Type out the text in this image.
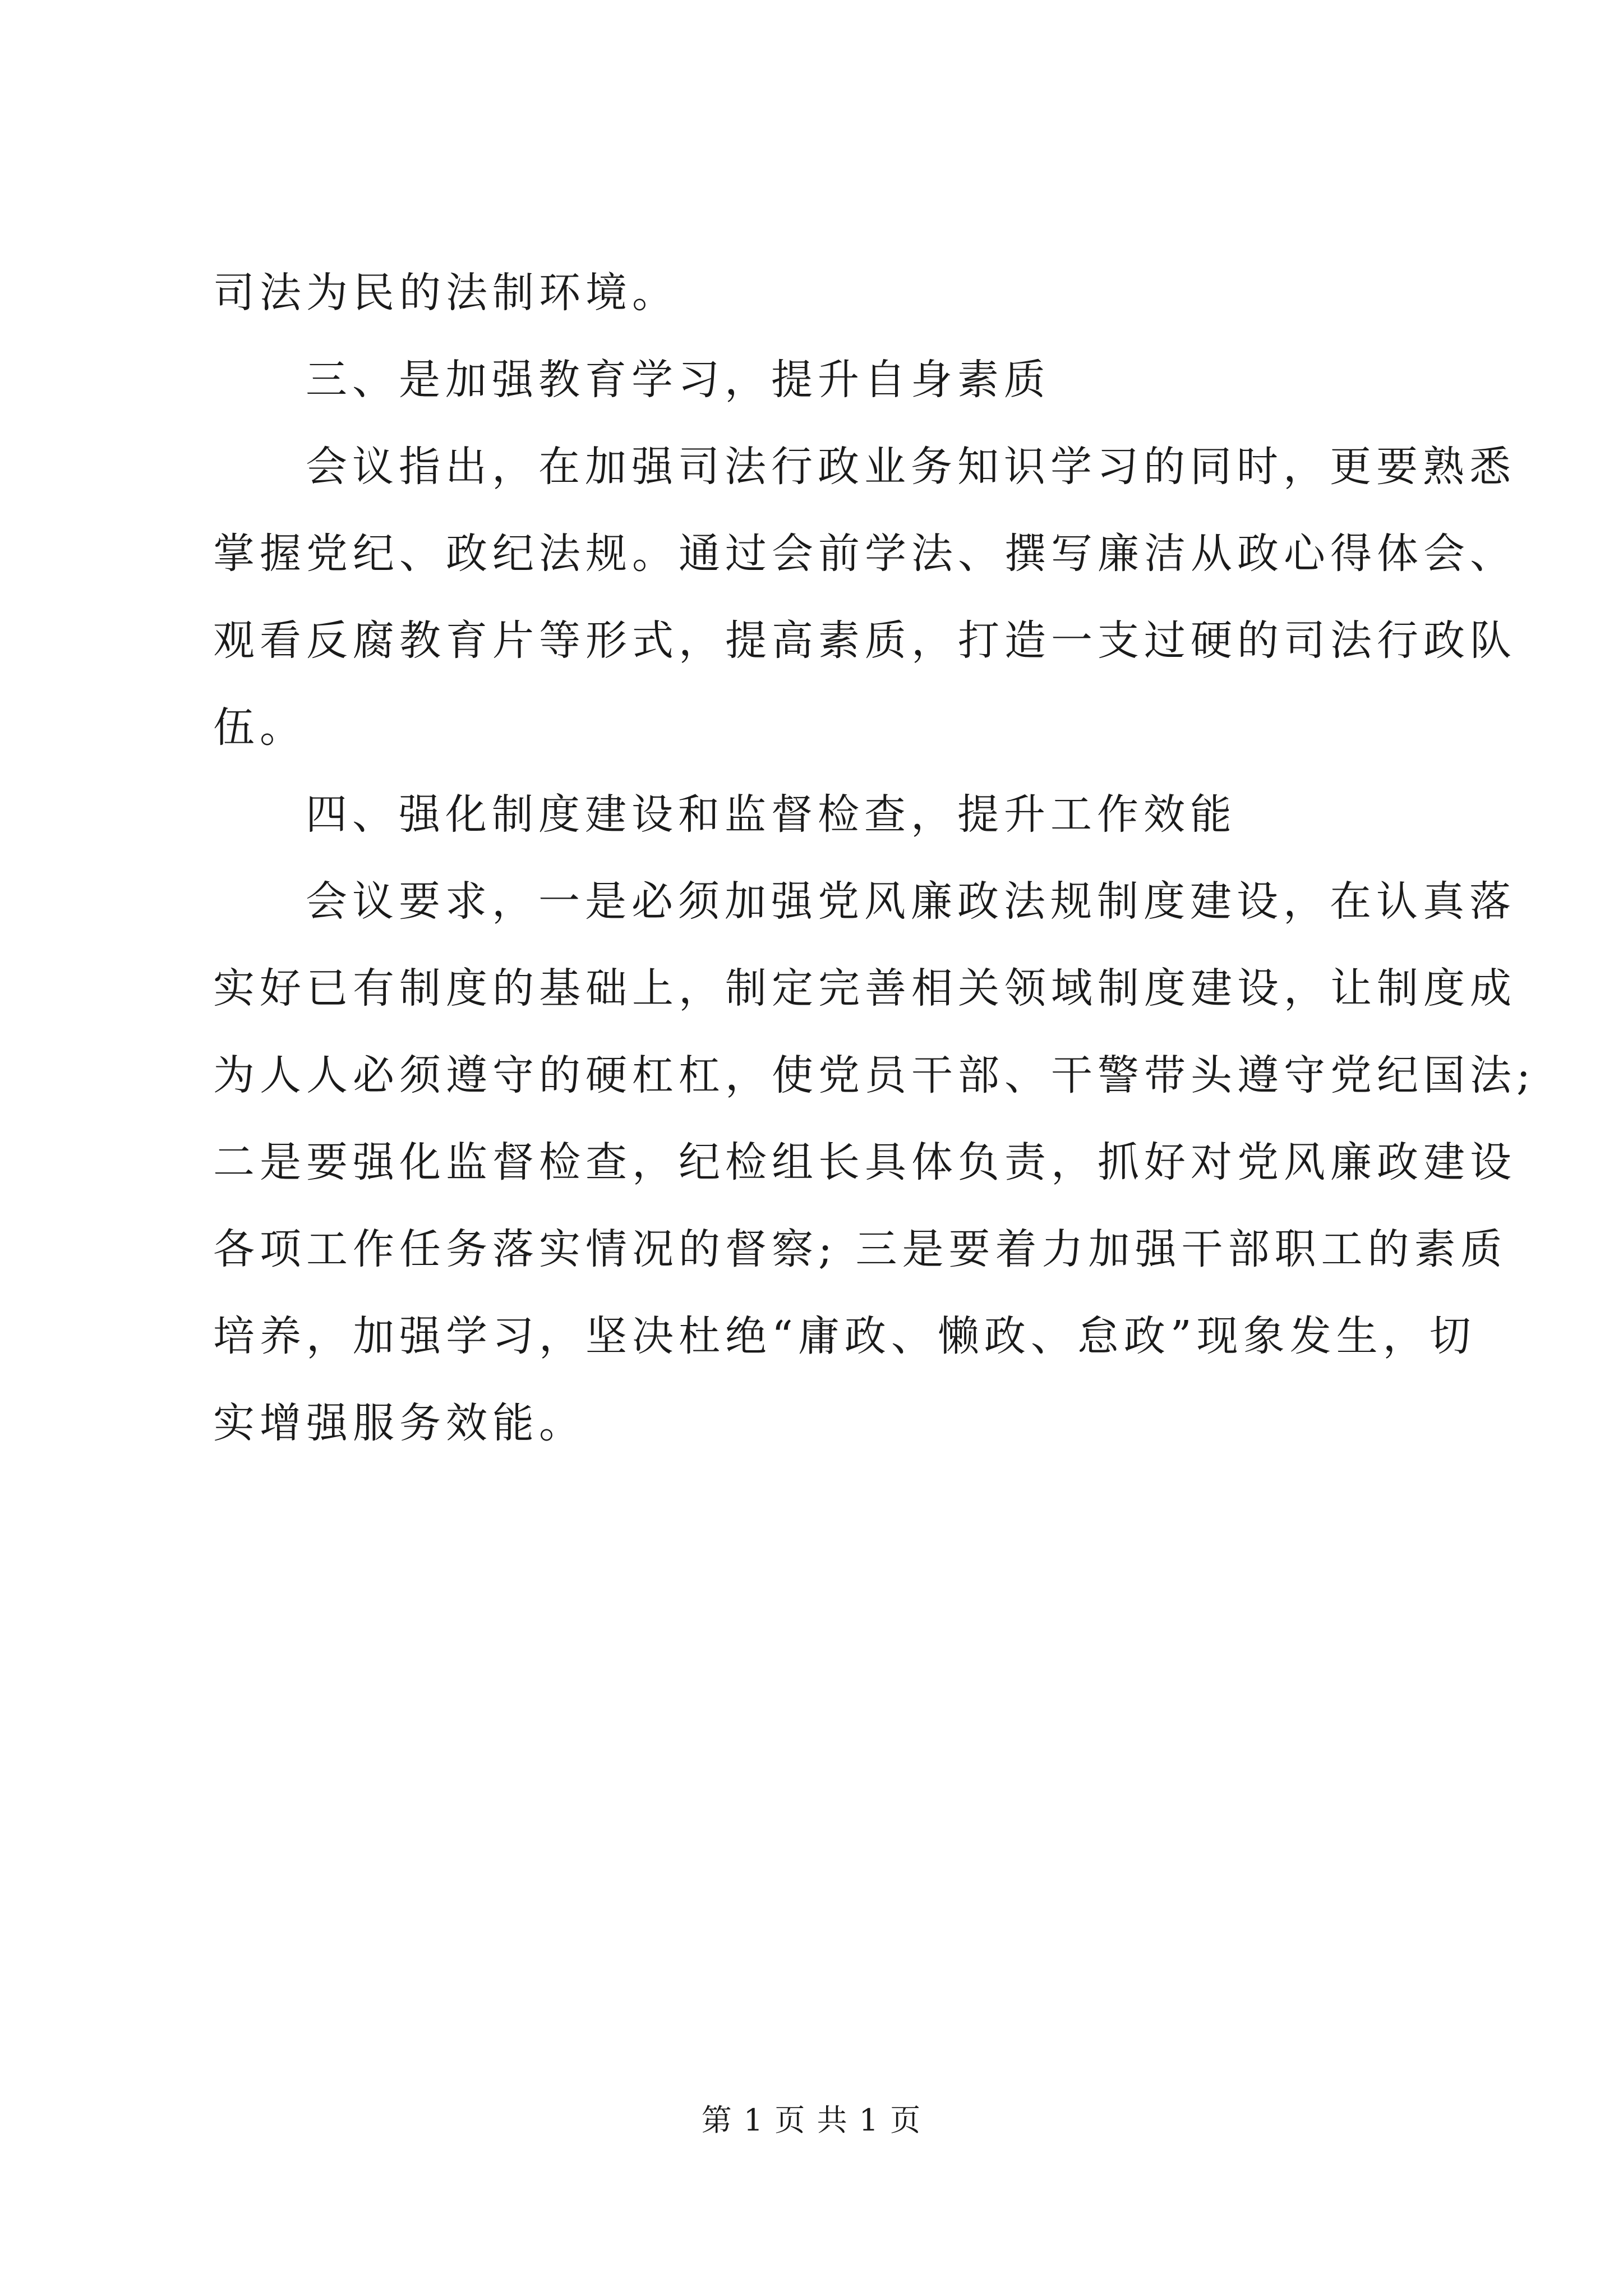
司法为民的法制环境。
三、是加强教育学习，提升自身素质
会议指出，在加强司法行政业务知识学习的同时，更要熟悉
掌握党纪、政纪法规。通过会前学法、撰写廉洁从政心得体会、
观看反腐教育片等形式，提高素质，打造一支过硬的司法行政队
伍。
四、强化制度建设和监督检查，提升工作效能
会议要求，一是必须加强党风廉政法规制度建设，在认真落
实好已有制度的基础上，制定完善相关领域制度建设，让制度成
为人人必须遵守的硬杠杠，使党员干部、干警带头遵守党纪国法;
二是要强化监督检查，纪检组长具体负责，抓好对党风廉政建设
各项工作任务落实情况的督察; 三是要着力加强干部职工的素质
培养，加强学习，坚决杜绝“庸政、懒政、怠政”现象发生，切
实增强服务效能。
第 1 页 共 1 页
